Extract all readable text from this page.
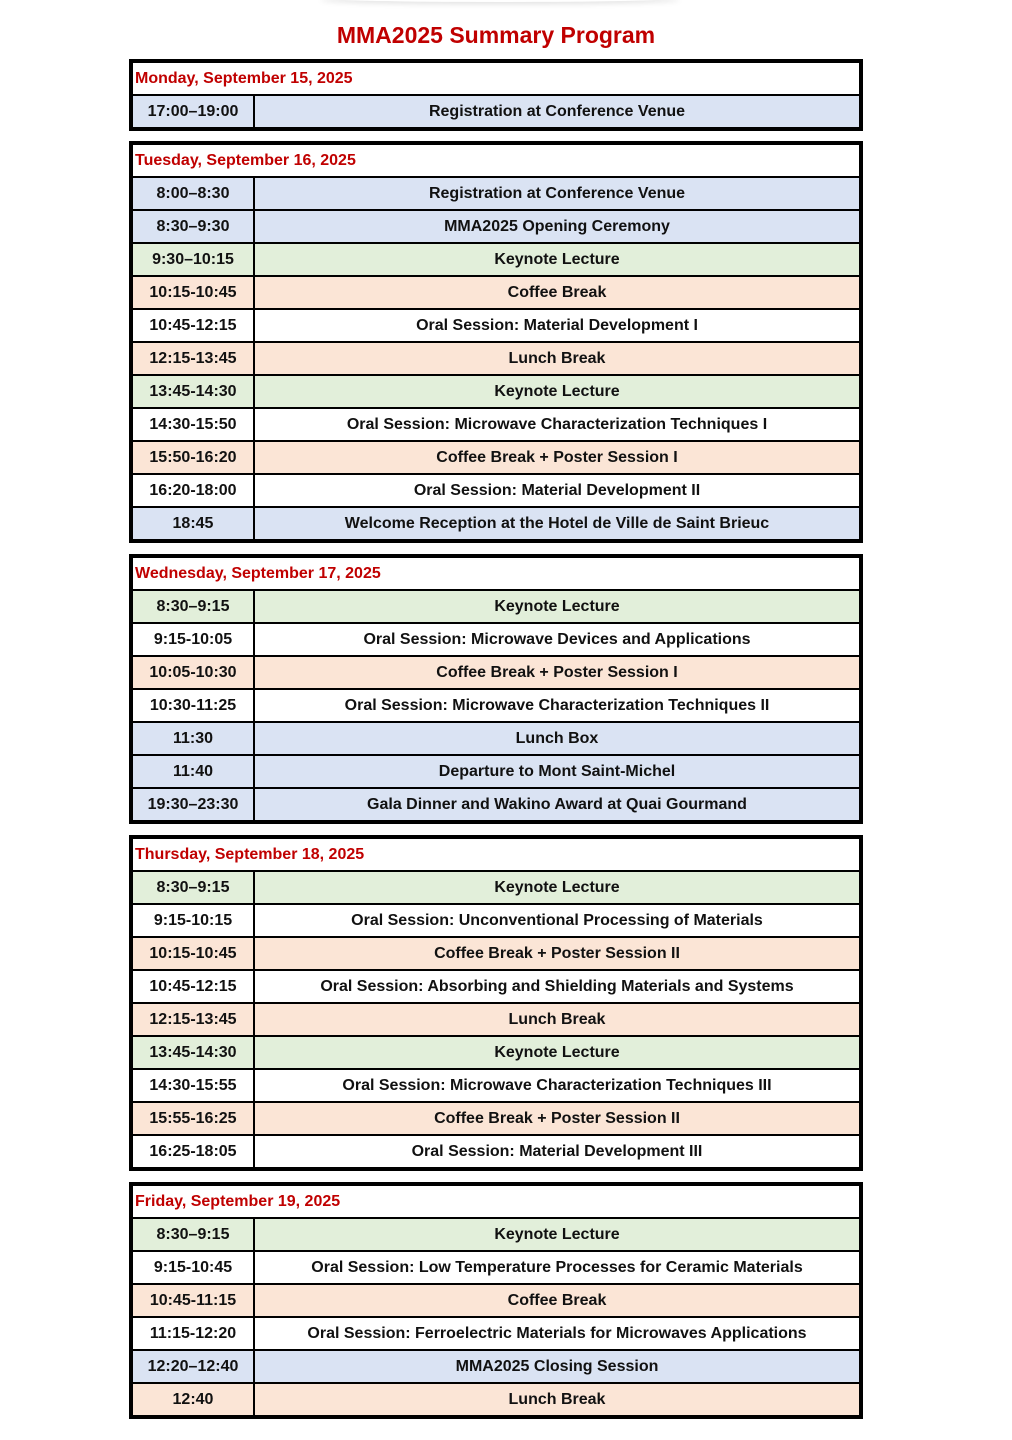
MMA2025 Summary Program
Monday, September 15, 2025
17:00–19:00	Registration at Conference Venue
Tuesday, September 16, 2025
8:00–8:30	Registration at Conference Venue
8:30–9:30	MMA2025 Opening Ceremony
9:30–10:15	Keynote Lecture
10:15-10:45	Coffee Break
10:45-12:15	Oral Session: Material Development I
12:15-13:45	Lunch Break
13:45-14:30	Keynote Lecture
14:30-15:50	Oral Session: Microwave Characterization Techniques I
15:50-16:20	Coffee Break + Poster Session I
16:20-18:00	Oral Session: Material Development II
18:45	Welcome Reception at the Hotel de Ville de Saint Brieuc
Wednesday, September 17, 2025
8:30–9:15	Keynote Lecture
9:15-10:05	Oral Session: Microwave Devices and Applications
10:05-10:30	Coffee Break + Poster Session I
10:30-11:25	Oral Session: Microwave Characterization Techniques II
11:30	Lunch Box
11:40	Departure to Mont Saint-Michel
19:30–23:30	Gala Dinner and Wakino Award at Quai Gourmand
Thursday, September 18, 2025
8:30–9:15	Keynote Lecture
9:15-10:15	Oral Session: Unconventional Processing of Materials
10:15-10:45	Coffee Break + Poster Session II
10:45-12:15	Oral Session: Absorbing and Shielding Materials and Systems
12:15-13:45	Lunch Break
13:45-14:30	Keynote Lecture
14:30-15:55	Oral Session: Microwave Characterization Techniques III
15:55-16:25	Coffee Break + Poster Session II
16:25-18:05	Oral Session: Material Development III
Friday, September 19, 2025
8:30–9:15	Keynote Lecture
9:15-10:45	Oral Session: Low Temperature Processes for Ceramic Materials
10:45-11:15	Coffee Break
11:15-12:20	Oral Session: Ferroelectric Materials for Microwaves Applications
12:20–12:40	MMA2025 Closing Session
12:40	Lunch Break
